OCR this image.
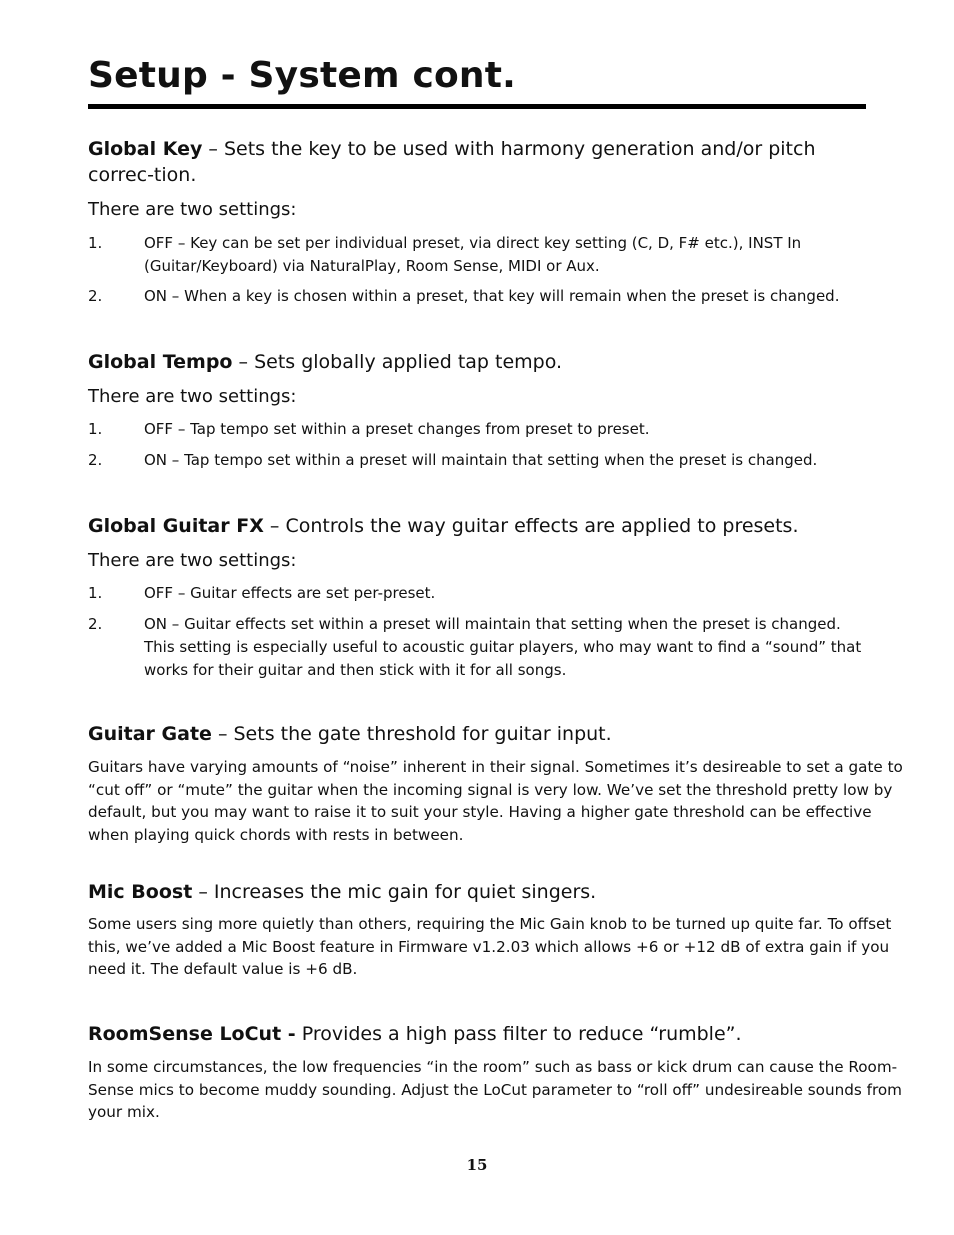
Setup - System cont.
Global Key – Sets the key to be used with harmony generation and/or pitch correc-tion.
There are two settings:
1.	OFF – Key can be set per individual preset, via direct key setting (C, D, F# etc.), INST In (Guitar/Keyboard) via NaturalPlay, Room Sense, MIDI or Aux.
2.	ON – When a key is chosen within a preset, that key will remain when the preset is changed.
Global Tempo – Sets globally applied tap tempo.
There are two settings:
1.	OFF – Tap tempo set within a preset changes from preset to preset.
2.	ON – Tap tempo set within a preset will maintain that setting when the preset is changed.
Global Guitar FX – Controls the way guitar effects are applied to presets.
There are two settings:
1.	OFF – Guitar effects are set per-preset.
2.	ON – Guitar effects set within a preset will maintain that setting when the preset is changed. This setting is especially useful to acoustic guitar players, who may want to find a “sound” that works for their guitar and then stick with it for all songs.
Guitar Gate – Sets the gate threshold for guitar input.
Guitars have varying amounts of “noise” inherent in their signal. Sometimes it’s desireable to set a gate to “cut off” or “mute” the guitar when the incoming signal is very low. We’ve set the threshold pretty low by default, but you may want to raise it to suit your style. Having a higher gate threshold can be effective when playing quick chords with rests in between.
Mic Boost – Increases the mic gain for quiet singers.
Some users sing more quietly than others, requiring the Mic Gain knob to be turned up quite far. To offset this, we’ve added a Mic Boost feature in Firmware v1.2.03 which allows +6 or +12 dB of extra gain if you need it. The default value is +6 dB.
RoomSense LoCut - Provides a high pass filter to reduce “rumble”.
In some circumstances, the low frequencies “in the room” such as bass or kick drum can cause the Room-Sense mics to become muddy sounding. Adjust the LoCut parameter to “roll off” undesireable sounds from your mix.
15
